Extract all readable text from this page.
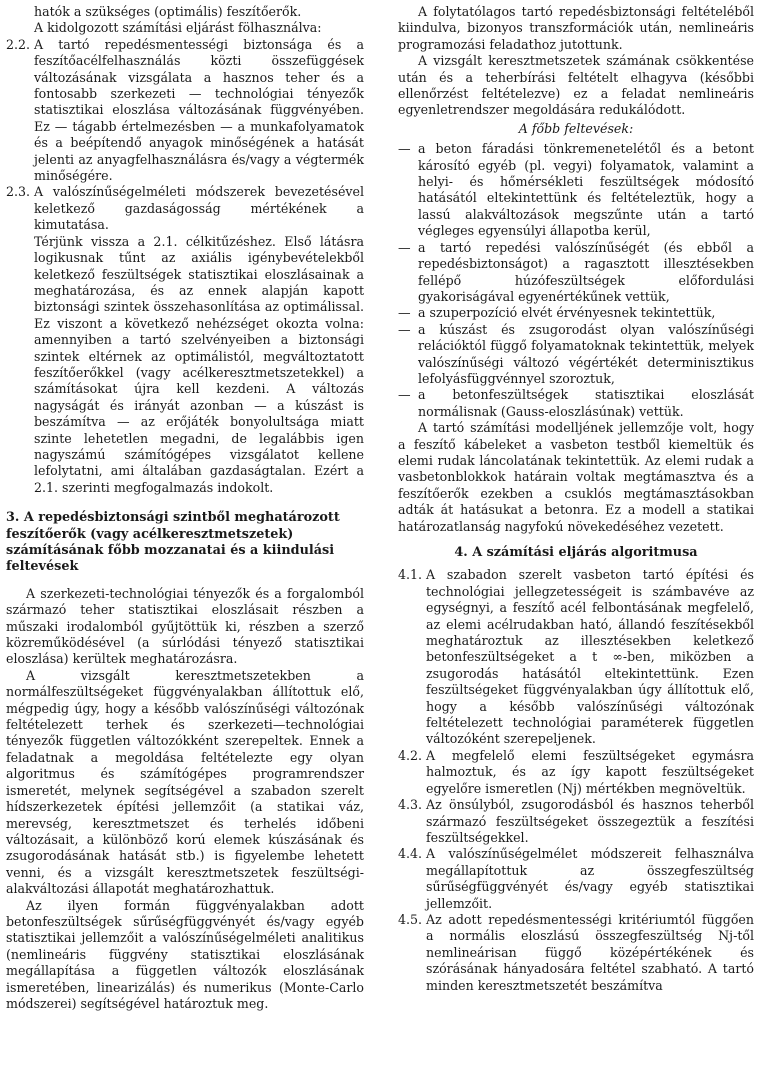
hatók a szükséges (optimális) feszítőerők.

A kidolgozott számítási eljárást fölhasználva:

2.2. A tartó repedésmentességi biztonsága és a feszítőacélfelhasználás közti összefüggések változásának vizsgálata a hasznos teher és a fontosabb szerkezeti — technológiai tényezők statisztikai eloszlása változásának függvényében. Ez — tágabb értelmezésben — a munkafolyamatok és a beépítendő anyagok minőségének a hatását jelenti az anyagfelhasználásra és/vagy a végtermék minőségére.

2.3. A valószínűségelméleti módszerek bevezetésével keletkező gazdaságosság mértékének a kimutatása.

Térjünk vissza a 2.1. célkitűzéshez. Első látásra logikusnak tűnt az axiális igénybevételekből keletkező feszültségek statisztikai eloszlásainak a meghatározása, és az ennek alapján kapott biztonsági szintek összehasonlítása az optimálissal. Ez viszont a következő nehézséget okozta volna: amennyiben a tartó szelvényeiben a biztonsági szintek eltérnek az optimálistól, megváltoztatott feszítőerőkkel (vagy acélkeresztmetszetekkel) a számításokat újra kell kezdeni. A változás nagyságát és irányát azonban — a kúszást is beszámítva — az erőjáték bonyolultsága miatt szinte lehetetlen megadni, de legalábbis igen nagyszámú számítógépes vizsgálatot kellene lefolytatni, ami általában gazdaságtalan. Ezért a 2.1. szerinti megfogalmazás indokolt.

3. A repedésbiztonsági szintből meghatározott feszítőerők (vagy acélkeresztmetszetek) számításának főbb mozzanatai és a kiindulási feltevések

A szerkezeti-technológiai tényezők és a forgalomból származó teher statisztikai eloszlásait részben a műszaki irodalomból gyűjtöttük ki, részben a szerző közreműködésével (a súrlódási tényező statisztikai eloszlása) kerültek meghatározásra.

A vizsgált keresztmetszetekben a normálfeszültségeket függvényalakban állítottuk elő, mégpedig úgy, hogy a később valószínűségi változónak feltételezett terhek és szerkezeti—technológiai tényezők független változókként szerepeltek. Ennek a feladatnak a megoldása feltételezte egy olyan algoritmus és számítógépes programrendszer ismeretét, melynek segítségével a szabadon szerelt hídszerkezetek építési jellemzőit (a statikai váz, merevség, keresztmetszet és terhelés időbeni változásait, a különböző korú elemek kúszásának és zsugorodásának hatását stb.) is figyelembe lehetett venni, és a vizsgált keresztmetszetek feszültségi-alakváltozási állapotát meghatározhattuk.

Az ilyen formán függvényalakban adott betonfeszültségek sűrűségfüggvényét és/vagy egyéb statisztikai jellemzőit a valószínűségelméleti analitikus (nemlineáris függvény statisztikai eloszlásának megállapítása a független változók eloszlásának ismeretében, linearizálás) és numerikus (Monte-Carlo módszerei) segítségével határoztuk meg.

A folytatólagos tartó repedésbiztonsági feltételéből kiindulva, bizonyos transzformációk után, nemlineáris programozási feladathoz jutottunk.

A vizsgált keresztmetszetek számának csökkentése után és a teherbírási feltételt elhagyva (későbbi ellenőrzést feltételezve) ez a feladat nemlineáris egyenletrendszer megoldására redukálódott.

A főbb feltevések:
— a beton fáradási tönkremenetelétől és a betont károsító egyéb (pl. vegyi) folyamatok, valamint a helyi- és hőmérsékleti feszültségek módosító hatásától eltekintettünk és feltételeztük, hogy a lassú alakváltozások megszűnte után a tartó végleges egyensúlyi állapotba kerül,

— a tartó repedési valószínűségét (és ebből a repedésbiztonságot) a ragasztott illesztésekben fellépő húzófeszültségek előfordulási gyakoriságával egyenértékűnek vettük,

— a szuperpozíció elvét érvényesnek tekintettük,

— a kúszást és zsugorodást olyan valószínűségi relációktól függő folyamatoknak tekintettük, melyek valószínűségi változó végértékét determinisztikus lefolyásfüggvénnyel szoroztuk,

— a betonfeszültségek statisztikai eloszlását normálisnak (Gauss-eloszlásúnak) vettük.

A tartó számítási modelljének jellemzője volt, hogy a feszítő kábeleket a vasbeton testből kiemeltük és elemi rudak láncolatának tekintettük. Az elemi rudak a vasbetonblokkok határain voltak megtámasztva és a feszítőerők ezekben a csuklós megtámasztásokban adták át hatásukat a betonra. Ez a modell a statikai határozatlanság nagyfokú növekedéséhez vezetett.

4. A számítási eljárás algoritmusa
4.1. A szabadon szerelt vasbeton tartó építési és technológiai jellegzetességeit is számbavéve az egységnyi, a feszítő acél felbontásának megfelelő, az elemi acélrudakban ható, állandó feszítésekből meghatároztuk az illesztésekben keletkező betonfeszültségeket a t ∞-ben, miközben a zsugorodás hatásától eltekintettünk. Ezen feszültségeket függvényalakban úgy állítottuk elő, hogy a később valószínűségi változónak feltételezett technológiai paraméterek független változóként szerepeljenek.

4.2. A megfelelő elemi feszültségeket egymásra halmoztuk, és az így kapott feszültségeket egyelőre ismeretlen (Nj) mértékben megnöveltük.

4.3. Az önsúlyból, zsugorodásból és hasznos teherből származó feszültségeket összegeztük a feszítési feszültségekkel.

4.4. A valószínűségelmélet módszereit felhasználva megállapítottuk az összegfeszültség sűrűségfüggvényét és/vagy egyéb statisztikai jellemzőit.

4.5. Az adott repedésmentességi kritériumtól függően a normális eloszlású összegfeszültség Nj-től nemlineárisan függő középértékének és szórásának hányadosára feltétel szabható. A tartó minden keresztmetszetét beszámítva
